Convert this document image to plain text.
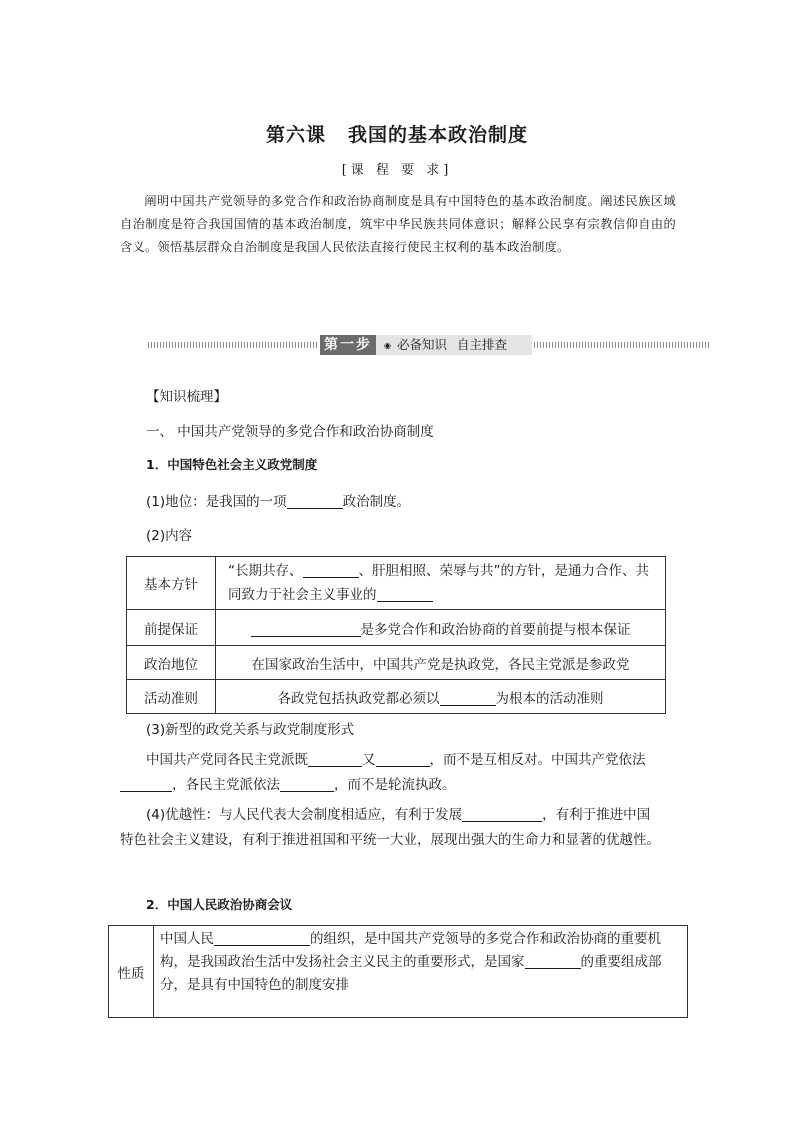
第六课 我国的基本政治制度
[课 程 要 求]
阐明中国共产党领导的多党合作和政治协商制度是具有中国特色的基本政治制度。阐述民族区域自治制度是符合我国国情的基本政治制度，筑牢中华民族共同体意识；解释公民享有宗教信仰自由的含义。领悟基层群众自治制度是我国人民依法直接行使民主权利的基本政治制度。
第一步	◉ 必备知识 自主排查
【知识梳理】
一、 中国共产党领导的多党合作和政治协商制度
1．中国特色社会主义政党制度
(1)地位：是我国的一项	政治制度。
(2)内容
基本方针	“长期共存、 、肝胆相照、荣辱与共”的方针，是通力合作、共
同致力于社会主义事业的
前提保证	是多党合作和政治协商的首要前提与根本保证
政治地位	在国家政治生活中，中国共产党是执政党，各民主党派是参政党
活动准则	各政党包括执政党都必须以 为根本的活动准则
(3)新型的政党关系与政党制度形式
中国共产党同各民主党派既	又	，而不是互相反对。中国共产党依法
，各民主党派依法	，而不是轮流执政。
(4)优越性：与人民代表大会制度相适应，有利于发展	，有利于推进中国
特色社会主义建设，有利于推进祖国和平统一大业，展现出强大的生命力和显著的优越性。
2．中国人民政治协商会议
性质	中国人民	的组织，是中国共产党领导的多党合作和政治协商的重要机
构，是我国政治生活中发扬社会主义民主的重要形式，是国家	的重要组成部
分，是具有中国特色的制度安排
